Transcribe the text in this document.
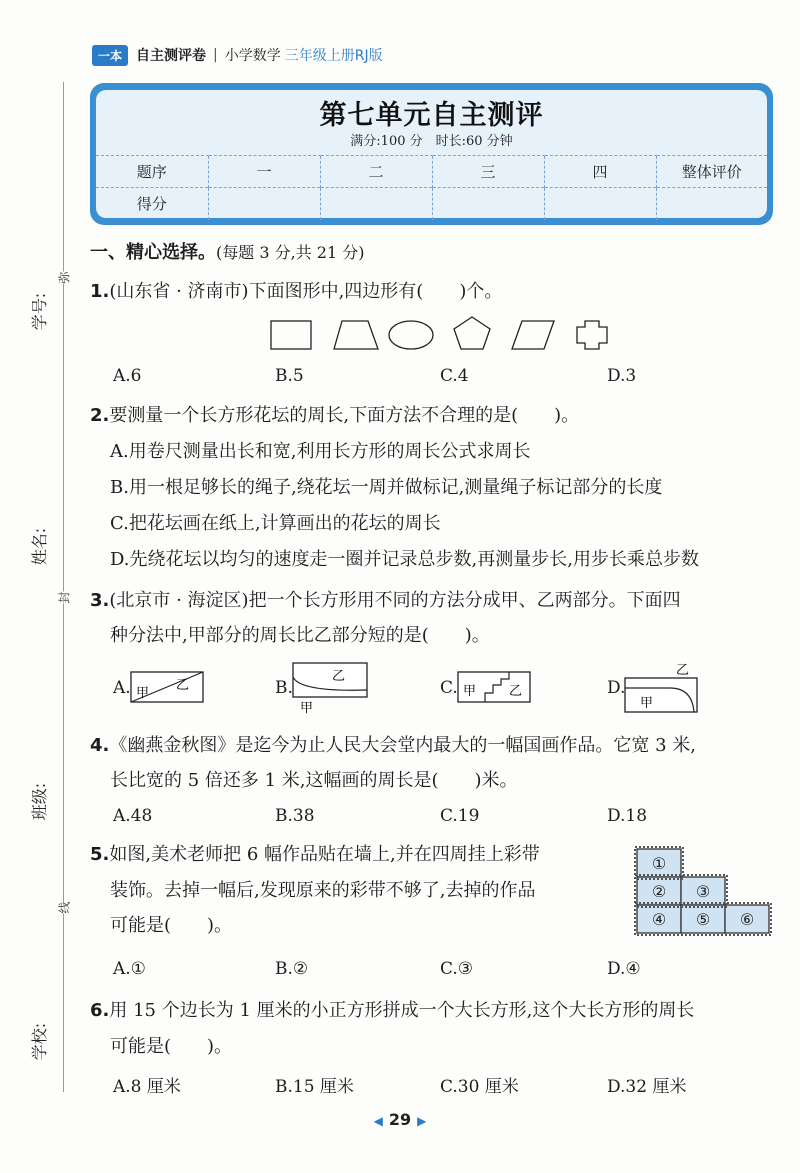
一本	自主测评卷 | 小学数学 三年级上册RJ版
第七单元自主测评
满分:100 分　时长:60 分钟
题序	一	二	三	四	整体评价
得分					
学号:
姓名:
班级:
学校:
弥
封
线
一、精心选择。(每题 3 分,共 21 分)
1.(山东省 · 济南市)下面图形中,四边形有(　　)个。
A.6	B.5	C.4	D.3
2.要测量一个长方形花坛的周长,下面方法不合理的是(　　)。
A.用卷尺测量出长和宽,利用长方形的周长公式求周长
B.用一根足够长的绳子,绕花坛一周并做标记,测量绳子标记部分的长度
C.把花坛画在纸上,计算画出的花坛的周长
D.先绕花坛以均匀的速度走一圈并记录总步数,再测量步长,用步长乘总步数
3.(北京市 · 海淀区)把一个长方形用不同的方法分成甲、乙两部分。下面四
种分法中,甲部分的周长比乙部分短的是(　　)。
A. 甲
乙	B.
乙
甲
C. 甲	乙	D.
乙
甲
4.《幽燕金秋图》是迄今为止人民大会堂内最大的一幅国画作品。它宽 3 米,
长比宽的 5 倍还多 1 米,这幅画的周长是(　　)米。
A.48	B.38	C.19	D.18
5.如图,美术老师把 6 幅作品贴在墙上,并在四周挂上彩带
装饰。去掉一幅后,发现原来的彩带不够了,去掉的作品
可能是(　　)。
①
② ③
④ ⑤ ⑥
A.①	B.②	C.③	D.④
6.用 15 个边长为 1 厘米的小正方形拼成一个大长方形,这个大长方形的周长
可能是(　　)。
A.8 厘米	B.15 厘米	C.30 厘米	D.32 厘米
◀ 29 ▶
